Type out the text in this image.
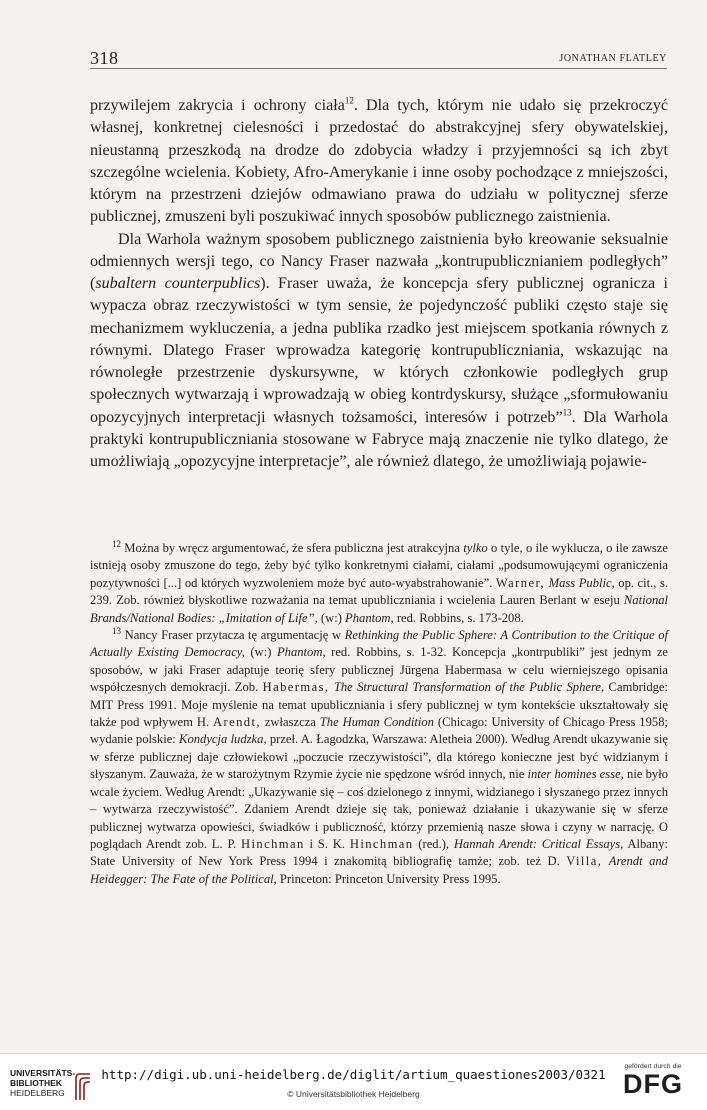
318	JONATHAN FLATLEY

przywilejem zakrycia i ochrony ciała$^{12}$. Dla tych, którym nie udało się przekroczyć własnej, konkretnej cielesności i przedostać do abstrakcyjnej sfery obywatelskiej, nieustanną przeszkodą na drodze do zdobycia władzy i przyjemności są ich zbyt szczególne wcielenia. Kobiety, Afro-Amerykanie i inne osoby pochodzące z mniejszości, którym na przestrzeni dziejów odmawiano prawa do udziału w politycznej sferze publicznej, zmuszeni byli poszukiwać innych sposobów publicznego zaistnienia.

Dla Warhola ważnym sposobem publicznego zaistnienia było kreowanie seksualnie odmiennych wersji tego, co Nancy Fraser nazwała „kontrupublicznianiem podległych” (subaltern counterpublics). Fraser uważa, że koncepcja sfery publicznej ogranicza i wypacza obraz rzeczywistości w tym sensie, że pojedynczość publiki często staje się mechanizmem wykluczenia, a jedna publika rzadko jest miejscem spotkania równych z równymi. Dlatego Fraser wprowadza kategorię kontrupubliczniania, wskazując na równoległe przestrzenie dyskursywne, w których członkowie podległych grup społecznych wytwarzają i wprowadzają w obieg kontrdyskursy, służące „sformułowaniu opozycyjnych interpretacji własnych tożsamości, interesów i potrzeb”$^{13}$. Dla Warhola praktyki kontrupubliczniania stosowane w Fabryce mają znaczenie nie tylko dlatego, że umożliwiają „opozycyjne interpretacje”, ale również dlatego, że umożliwiają pojawie-

$^{12}$ Można by wręcz argumentować, że sfera publiczna jest atrakcyjna tylko o tyle, o ile wyklucza, o ile zawsze istnieją osoby zmuszone do tego, żeby być tylko konkretnymi ciałami, ciałami „podsumowującymi ograniczenia pozytywności [...] od których wyzwoleniem może być auto-wyabstrahowanie”. Warner, Mass Public, op. cit., s. 239. Zob. również błyskotliwe rozważania na temat upubliczniania i wcielenia Lauren Berlant w eseju National Brands/National Bodies: „Imitation of Life”, (w:) Phantom, red. Robbins, s. 173-208.

$^{13}$ Nancy Fraser przytacza tę argumentację w Rethinking the Public Sphere: A Contribution to the Critique of Actually Existing Democracy, (w:) Phantom, red. Robbins, s. 1-32. Koncepcja „kontrpubliki” jest jednym ze sposobów, w jaki Fraser adaptuje teorię sfery publicznej Jürgena Habermasa w celu wierniejszego opisania współczesnych demokracji. Zob. Habermas, The Structural Transformation of the Public Sphere, Cambridge: MIT Press 1991. Moje myślenie na temat upubliczniania i sfery publicznej w tym kontekście ukształtowały się także pod wpływem H. Arendt, zwłaszcza The Human Condition (Chicago: University of Chicago Press 1958; wydanie polskie: Kondycja ludzka, przeł. A. Łagodzka, Warszawa: Aletheia 2000). Według Arendt ukazywanie się w sferze publicznej daje człowiekowi „poczucie rzeczywistości”, dla którego konieczne jest być widzianym i słyszanym. Zauważa, że w starożytnym Rzymie życie nie spędzone wśród innych, nie inter homines esse, nie było wcale życiem. Według Arendt: „Ukazywanie się – coś dzielonego z innymi, widzianego i słyszanego przez innych – wytwarza rzeczywistość”. Zdaniem Arendt dzieje się tak, ponieważ działanie i ukazywanie się w sferze publicznej wytwarza opowieści, świadków i publiczność, którzy przemienią nasze słowa i czyny w narrację. O poglądach Arendt zob. L. P. Hinchman i S. K. Hinchman (red.), Hannah Arendt: Critical Essays, Albany: State University of New York Press 1994 i znakomitą bibliografię tamże; zob. też D. Villa, Arendt and Heidegger: The Fate of the Political, Princeton: Princeton University Press 1995.

UNIVERSITÄTS-
BIBLIOTHEK
HEIDELBERG
http://digi.ub.uni-heidelberg.de/diglit/artium_quaestiones2003/0321
© Universitätsbibliothek Heidelberg
gefördert durch die
DFG
